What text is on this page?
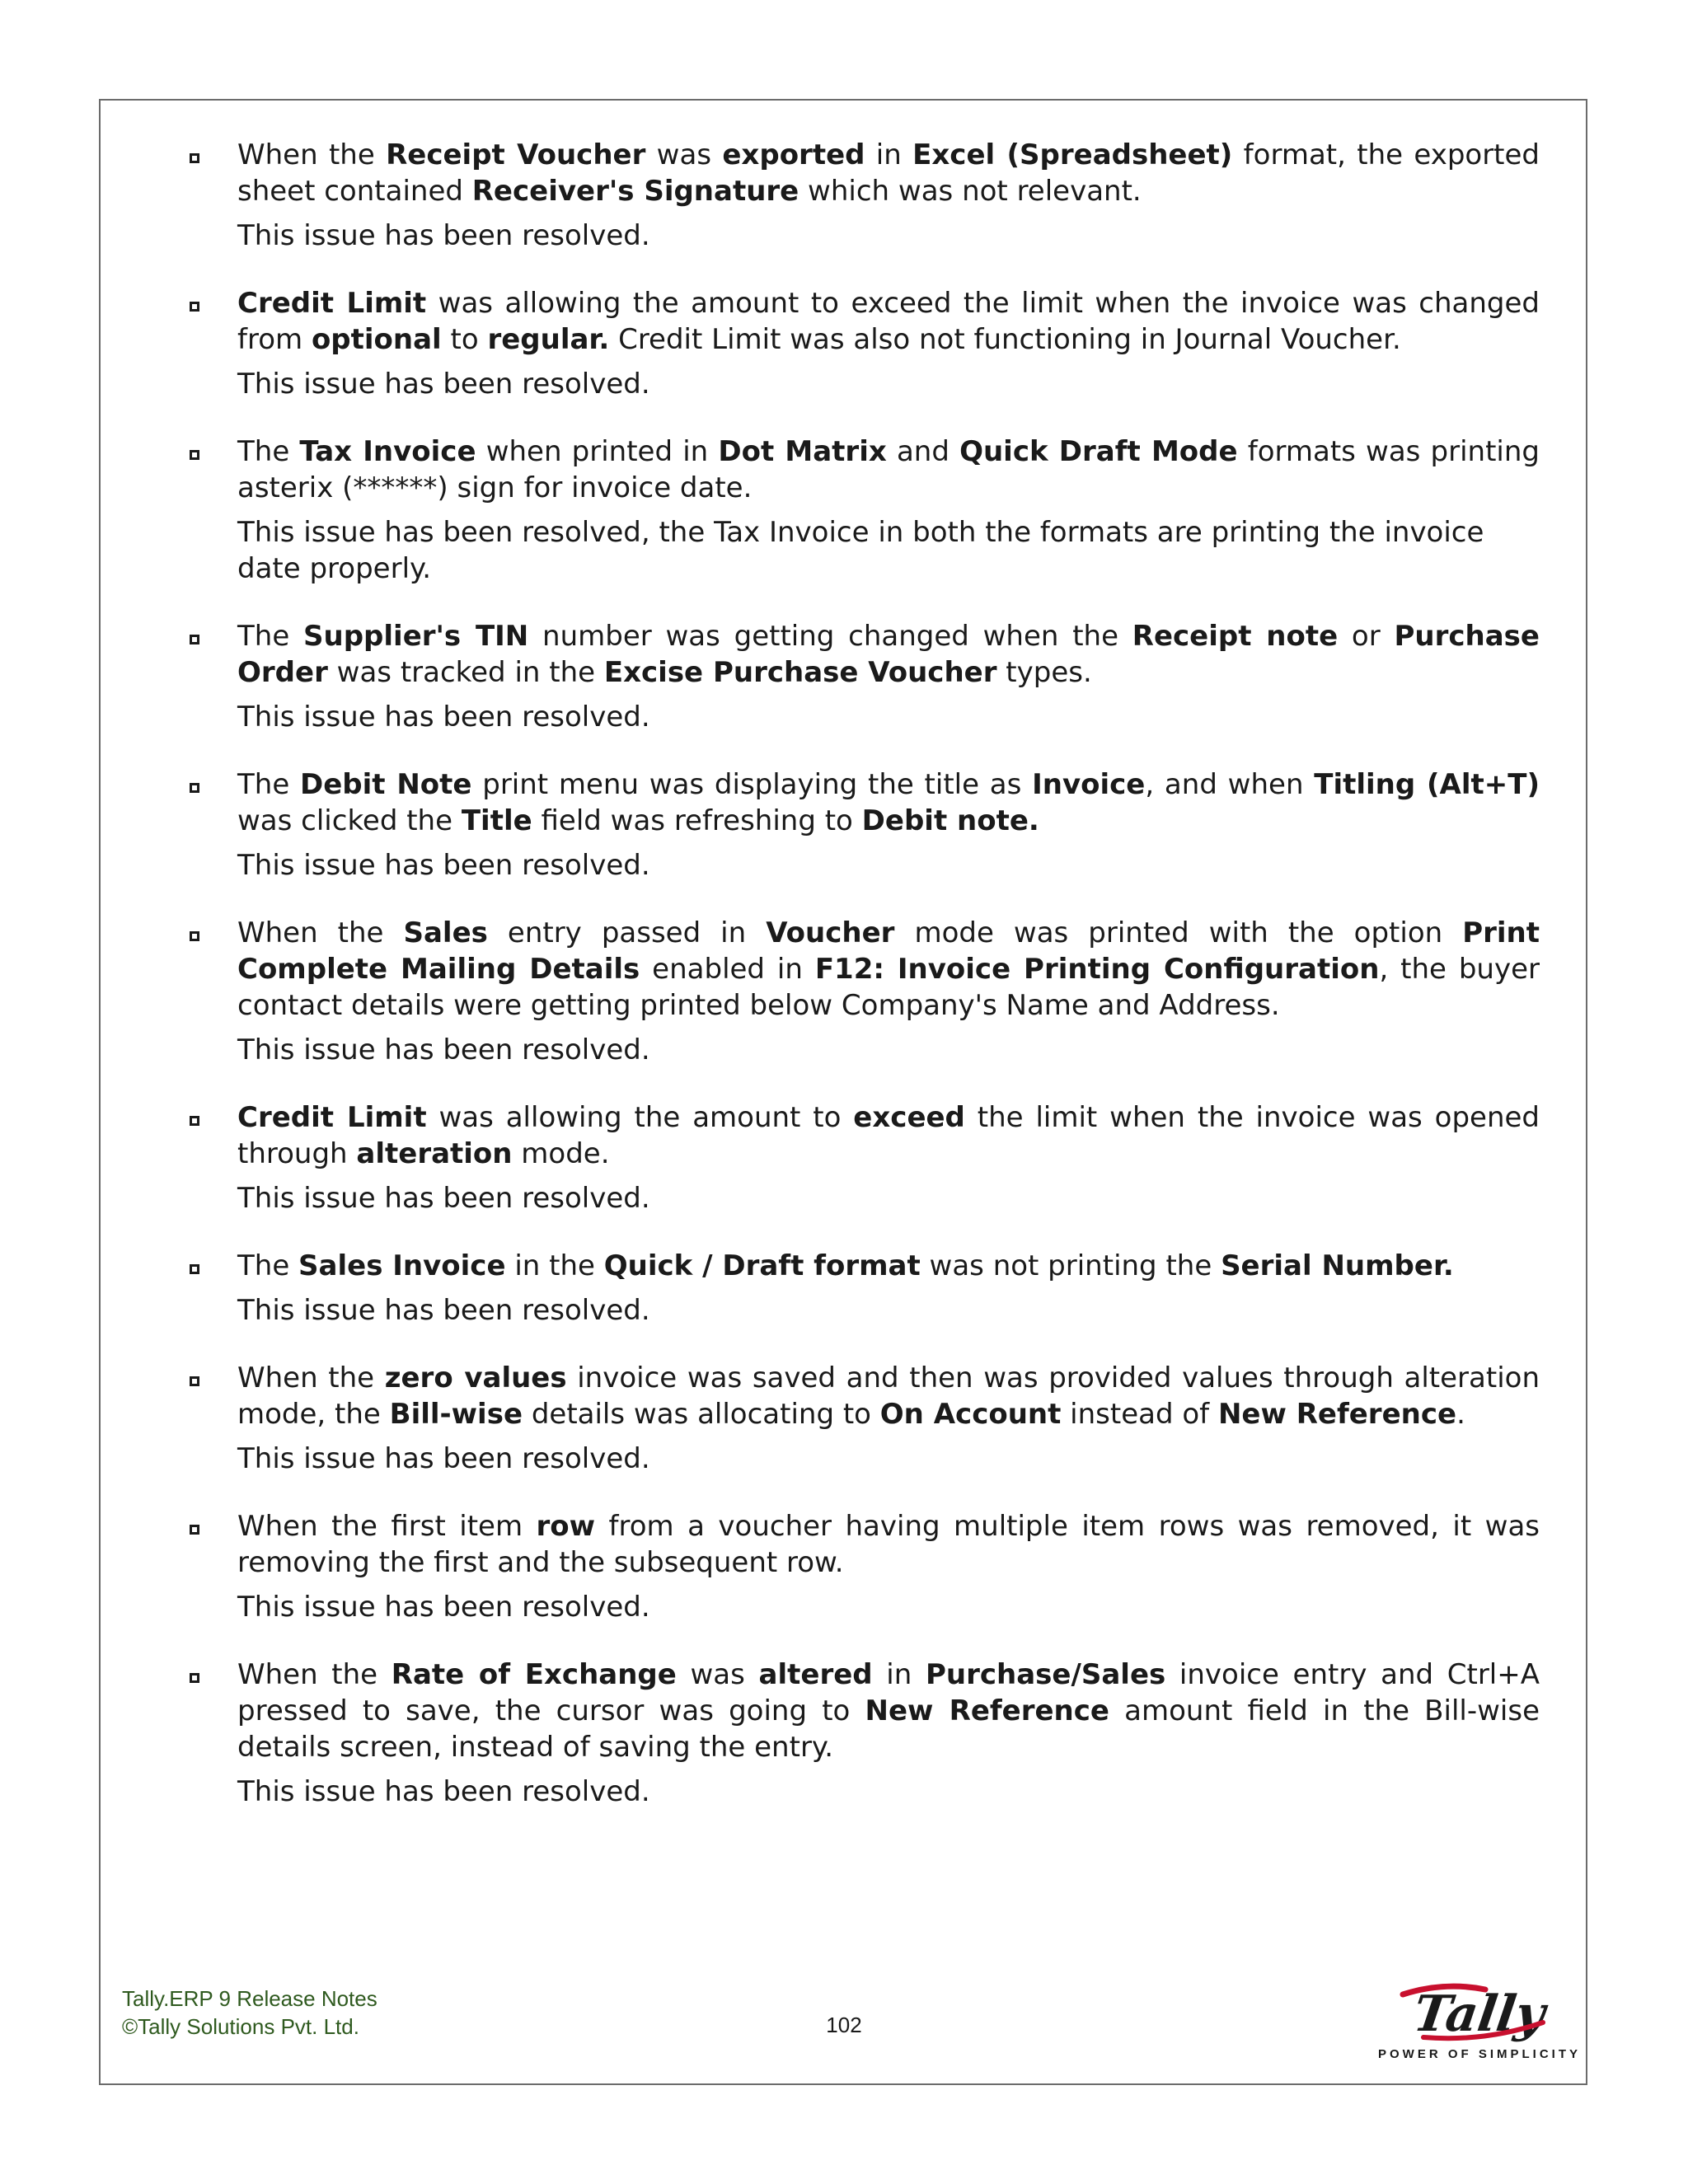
When the Receipt Voucher was exported in Excel (Spreadsheet) format, the exported sheet contained Receiver's Signature which was not relevant.

This issue has been resolved.

Credit Limit was allowing the amount to exceed the limit when the invoice was changed from optional to regular. Credit Limit was also not functioning in Journal Voucher.

This issue has been resolved.

The Tax Invoice when printed in Dot Matrix and Quick Draft Mode formats was printing asterix (******) sign for invoice date.

This issue has been resolved, the Tax Invoice in both the formats are printing the invoice date properly.

The Supplier's TIN number was getting changed when the Receipt note or Purchase Order was tracked in the Excise Purchase Voucher types.

This issue has been resolved.

The Debit Note print menu was displaying the title as Invoice, and when Titling (Alt+T) was clicked the Title field was refreshing to Debit note.

This issue has been resolved.

When the Sales entry passed in Voucher mode was printed with the option Print Complete Mailing Details enabled in F12: Invoice Printing Configuration, the buyer contact details were getting printed below Company's Name and Address.

This issue has been resolved.

Credit Limit was allowing the amount to exceed the limit when the invoice was opened through alteration mode.

This issue has been resolved.

The Sales Invoice in the Quick / Draft format was not printing the Serial Number.

This issue has been resolved.

When the zero values invoice was saved and then was provided values through alteration mode, the Bill-wise details was allocating to On Account instead of New Reference.

This issue has been resolved.

When the first item row from a voucher having multiple item rows was removed, it was removing the first and the subsequent row.

This issue has been resolved.

When the Rate of Exchange was altered in Purchase/Sales invoice entry and Ctrl+A pressed to save, the cursor was going to New Reference amount field in the Bill-wise details screen, instead of saving the entry.

This issue has been resolved.

Tally.ERP 9 Release Notes
©Tally Solutions Pvt. Ltd.	102	Tally
POWER OF SIMPLICITY
